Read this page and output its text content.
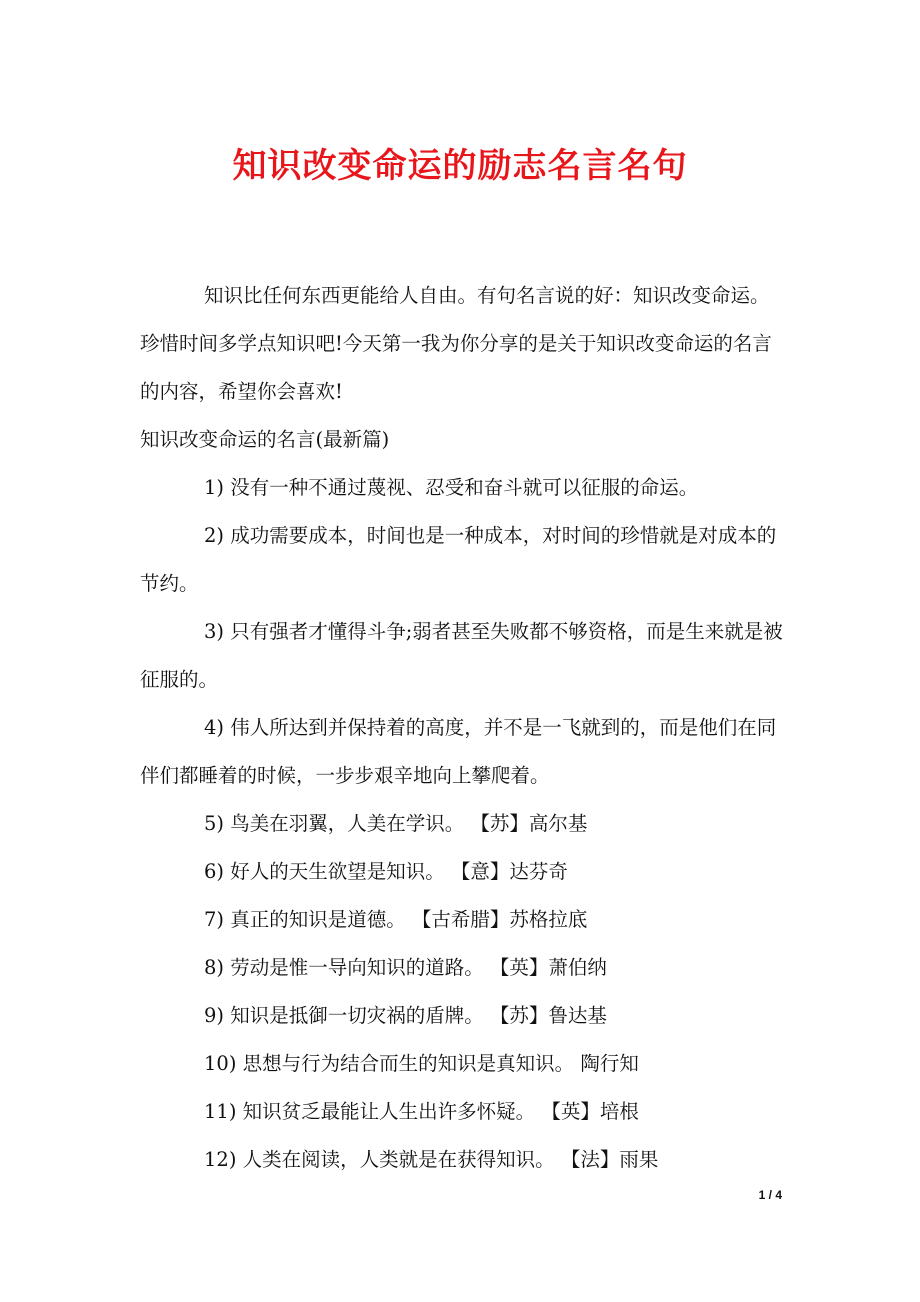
知识改变命运的励志名言名句

知识比任何东西更能给人自由。有句名言说的好：知识改变命运。珍惜时间多学点知识吧!今天第一我为你分享的是关于知识改变命运的名言的内容，希望你会喜欢!

知识改变命运的名言(最新篇)

1) 没有一种不通过蔑视、忍受和奋斗就可以征服的命运。

2) 成功需要成本，时间也是一种成本，对时间的珍惜就是对成本的节约。

3) 只有强者才懂得斗争;弱者甚至失败都不够资格，而是生来就是被征服的。

4) 伟人所达到并保持着的高度，并不是一飞就到的，而是他们在同伴们都睡着的时候，一步步艰辛地向上攀爬着。

5) 鸟美在羽翼，人美在学识。 【苏】高尔基

6) 好人的天生欲望是知识。 【意】达芬奇

7) 真正的知识是道德。 【古希腊】苏格拉底

8) 劳动是惟一导向知识的道路。 【英】萧伯纳

9) 知识是抵御一切灾祸的盾牌。 【苏】鲁达基

10) 思想与行为结合而生的知识是真知识。 陶行知

11) 知识贫乏最能让人生出许多怀疑。 【英】培根

12) 人类在阅读，人类就是在获得知识。 【法】雨果

1 / 4
